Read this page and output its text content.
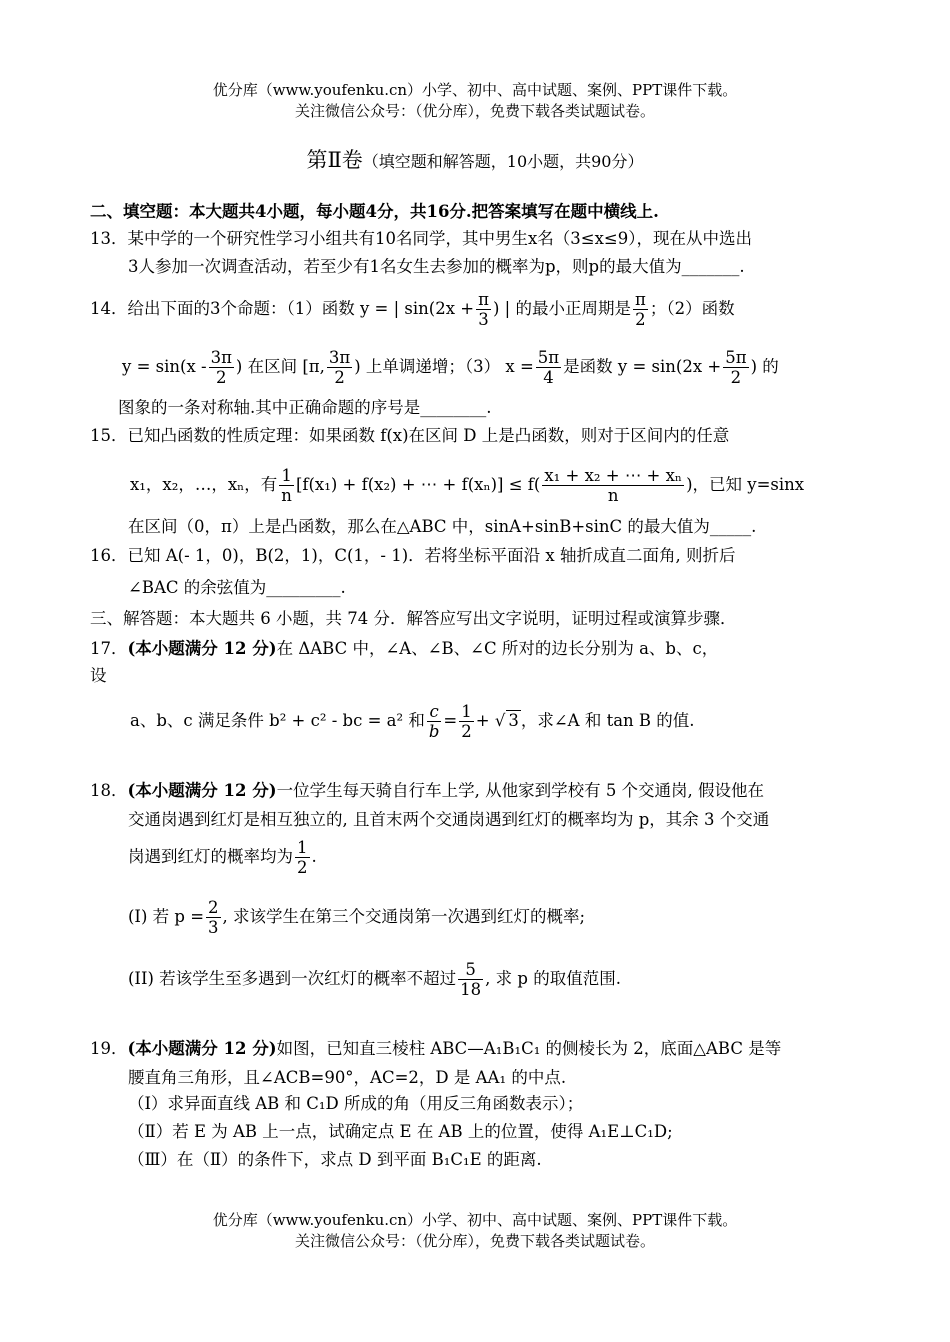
优分库（www.youfenku.cn）小学、初中、高中试题、案例、PPT课件下载。
关注微信公众号：（优分库），免费下载各类试题试卷。
第Ⅱ卷（填空题和解答题，10小题，共90分）
二、填空题：本大题共4小题，每小题4分，共16分.把答案填写在题中横线上.
13．某中学的一个研究性学习小组共有10名同学，其中男生x名（3≤x≤9），现在从中选出
3人参加一次调查活动，若至少有1名女生去参加的概率为p，则p的最大值为_______.
14．给出下面的3个命题：（1）函数 y = | $\sin(2x + \frac{\pi}{3}$ ) | 的最小正周期是 $\frac{\pi}{2}$ ；（2）函数
$y = \sin(x - \frac{3\pi}{2}$ ) 在区间 [π, $\frac{3\pi}{2}$ ) 上单调递增；（3） $x = \frac{5\pi}{4}$ 是函数 $y = \sin(2x + \frac{5\pi}{2}$ ) 的
图象的一条对称轴.其中正确命题的序号是________.
15．已知凸函数的性质定理：如果函数 f(x)在区间 D 上是凸函数，则对于区间内的任意
x₁，x₂，…，xₙ，有 $\frac{1}{n} [f(x_1) + f(x_2)$ + ⋯ + $f(x_n)] \le f( \frac{\text{x₁ + x₂ + ⋯ + xₙ}}{n}$ )，已知 y=sinx
在区间（0，π）上是凸函数，那么在△ABC 中，sinA+sinB+sinC 的最大值为_____.
16．已知 A(- 1，0)，B(2，1)，C(1，- 1)．若将坐标平面沿 x 轴折成直二面角, 则折后
∠BAC 的余弦值为_________.
三、解答题：本大题共 6 小题，共 74 分．解答应写出文字说明，证明过程或演算步骤．
17．(本小题满分 12 分)在 ΔABC 中，∠A、∠B、∠C 所对的边长分别为 a、b、c，
设
a、b、c 满足条件 b² + c² - bc = a² 和 $\frac{c}{b} = \frac{1}{2}$ + √ 3 ，求∠A 和 tan B 的值.
18．(本小题满分 12 分)一位学生每天骑自行车上学, 从他家到学校有 5 个交通岗, 假设他在
交通岗遇到红灯是相互独立的, 且首末两个交通岗遇到红灯的概率均为 p，其余 3 个交通
岗遇到红灯的概率均为 $\frac{1}{2}$ .
(I) 若 $p = \frac{2}{3}$ , 求该学生在第三个交通岗第一次遇到红灯的概率;
(II) 若该学生至多遇到一次红灯的概率不超过 $\frac{5}{18}$ , 求 p 的取值范围.
19．(本小题满分 12 分)如图，已知直三棱柱 ABC—A₁B₁C₁ 的侧棱长为 2，底面△ABC 是等
腰直角三角形，且∠ACB=90°，AC=2，D 是 AA₁ 的中点.
（Ⅰ）求异面直线 AB 和 C₁D 所成的角（用反三角函数表示）；
（Ⅱ）若 E 为 AB 上一点，试确定点 E 在 AB 上的位置，使得 A₁E⊥C₁D;
（Ⅲ）在（Ⅱ）的条件下，求点 D 到平面 B₁C₁E 的距离.
优分库（www.youfenku.cn）小学、初中、高中试题、案例、PPT课件下载。
关注微信公众号：（优分库），免费下载各类试题试卷。
